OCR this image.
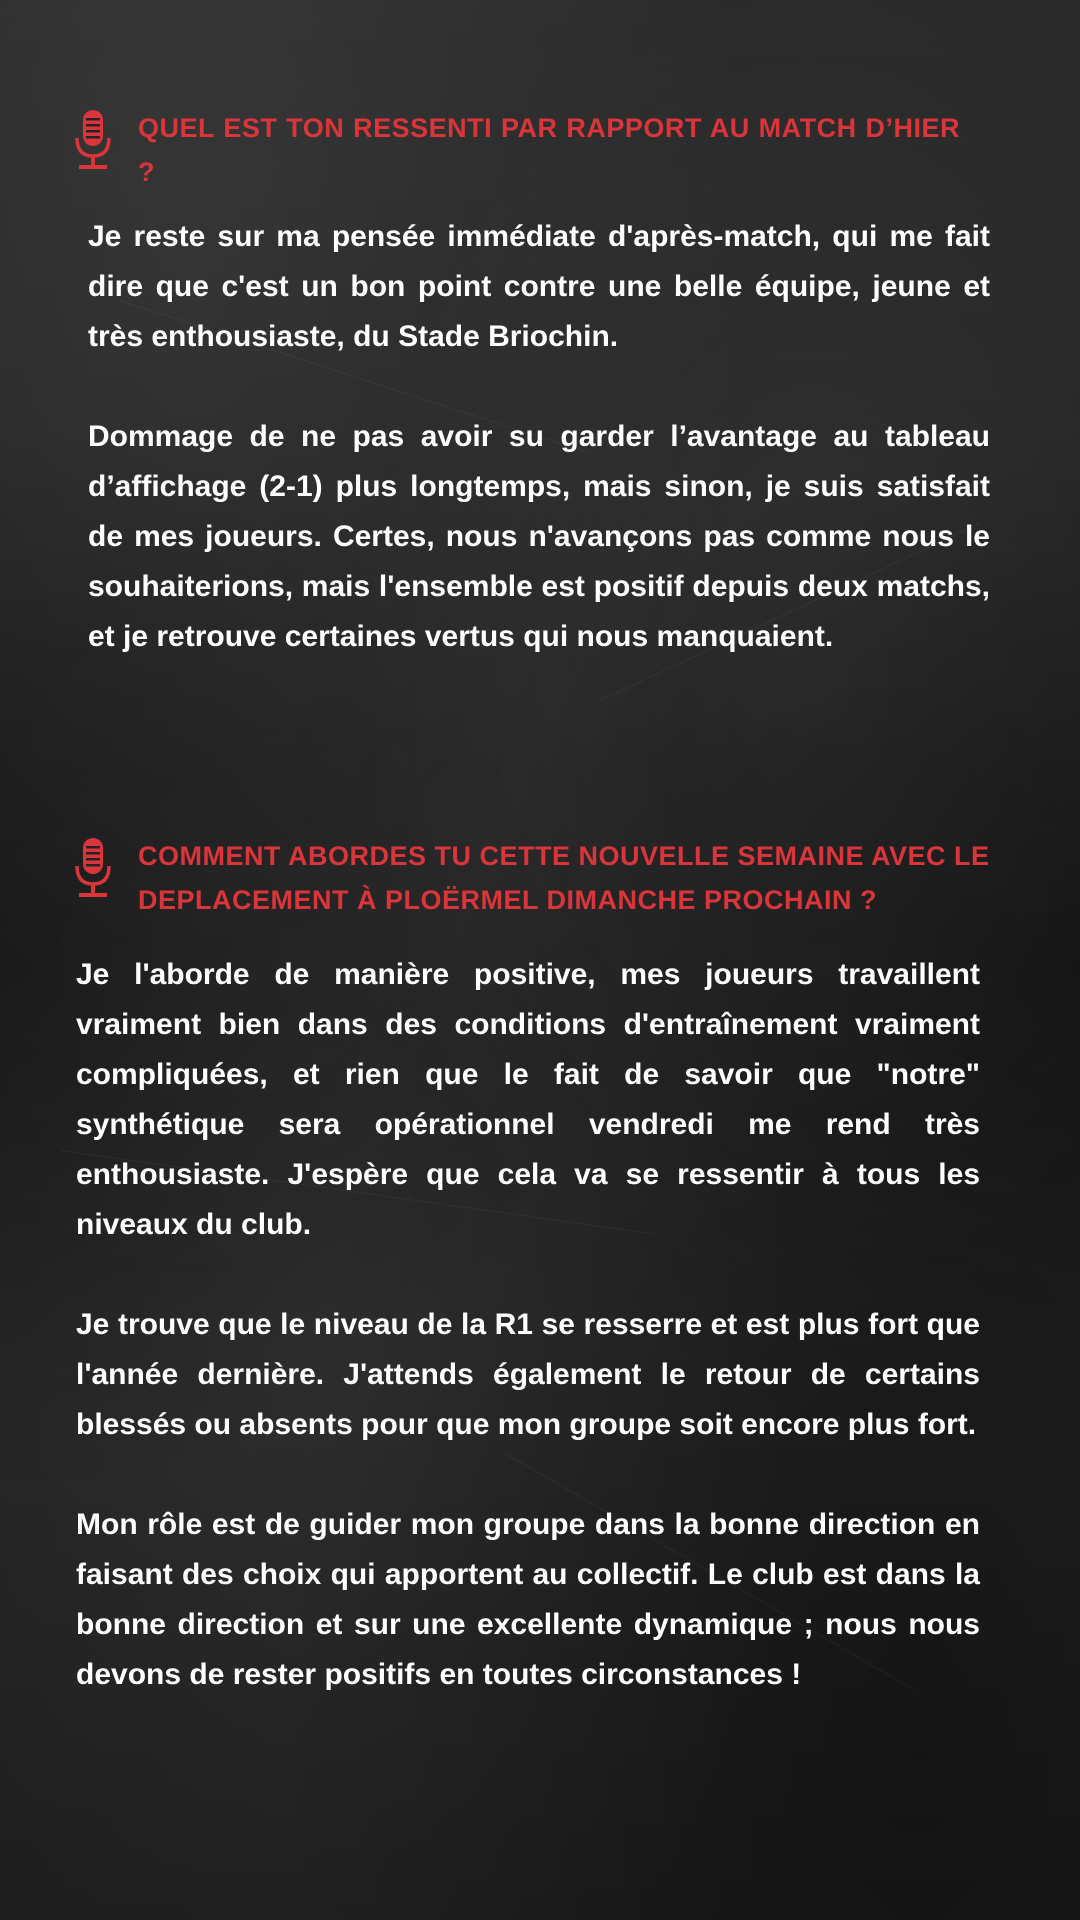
QUEL EST TON RESSENTI PAR RAPPORT AU MATCH D’HIER ?

Je reste sur ma pensée immédiate d'après-match, qui me fait dire que c'est un bon point contre une belle équipe, jeune et très enthousiaste, du Stade Briochin.

Dommage de ne pas avoir su garder l’avantage au tableau d’affichage (2-1) plus longtemps, mais sinon, je suis satisfait de mes joueurs. Certes, nous n'avançons pas comme nous le souhaiterions, mais l'ensemble est positif depuis deux matchs, et je retrouve certaines vertus qui nous manquaient.

COMMENT ABORDES TU CETTE NOUVELLE SEMAINE AVEC LE DEPLACEMENT À PLOËRMEL DIMANCHE PROCHAIN ?

Je l'aborde de manière positive, mes joueurs travaillent vraiment bien dans des conditions d'entraînement vraiment compliquées, et rien que le fait de savoir que "notre" synthétique sera opérationnel vendredi me rend très enthousiaste. J'espère que cela va se ressentir à tous les niveaux du club.

Je trouve que le niveau de la R1 se resserre et est plus fort que l'année dernière. J'attends également le retour de certains blessés ou absents pour que mon groupe soit encore plus fort.

Mon rôle est de guider mon groupe dans la bonne direction en faisant des choix qui apportent au collectif. Le club est dans la bonne direction et sur une excellente dynamique ; nous nous devons de rester positifs en toutes circonstances !
